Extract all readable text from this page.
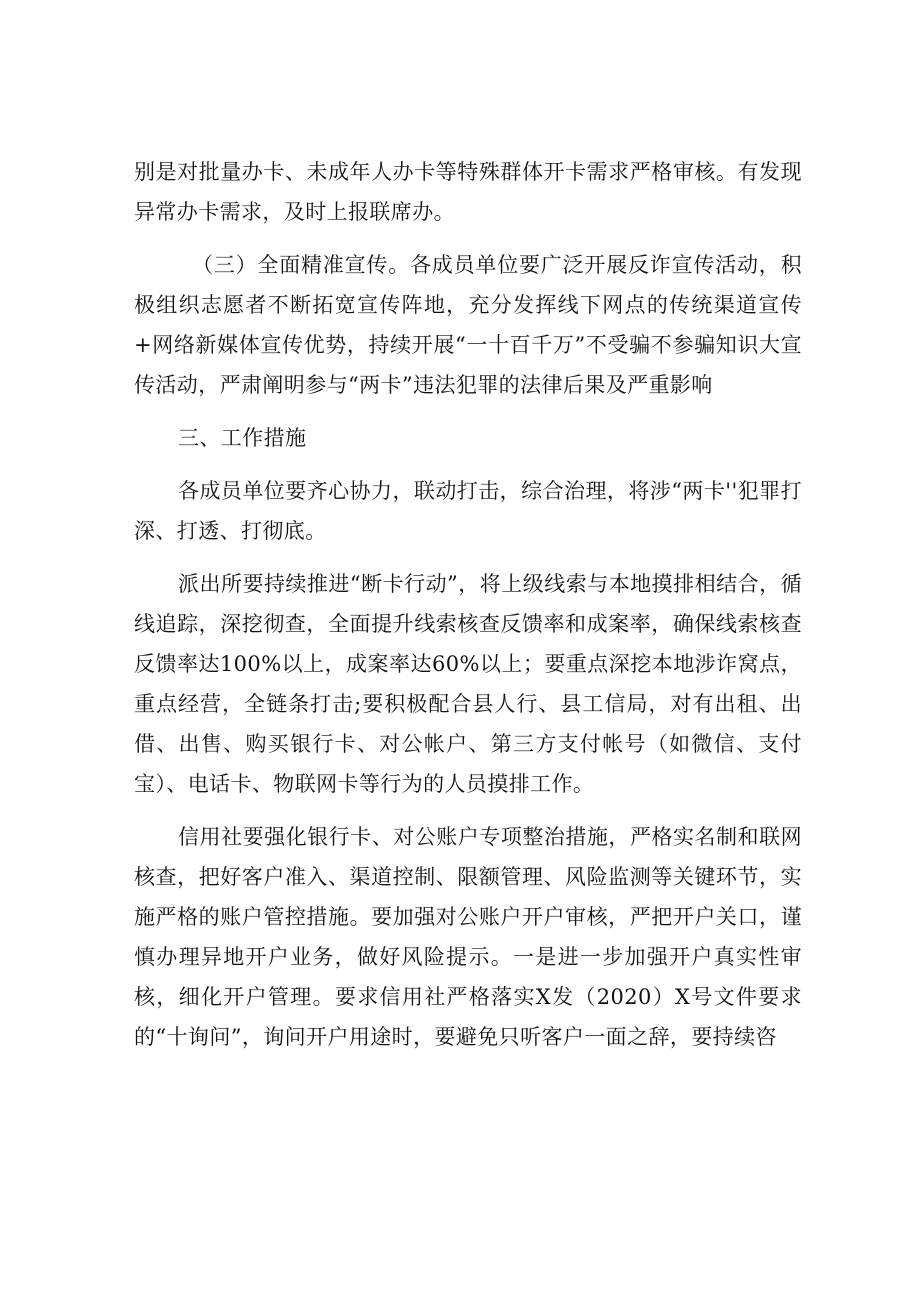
别是对批量办卡、未成年人办卡等特殊群体开卡需求严格审核。有发现异常办卡需求，及时上报联席办。

（三）全面精准宣传。各成员单位要广泛开展反诈宣传活动，积极组织志愿者不断拓宽宣传阵地，充分发挥线下网点的传统渠道宣传+网络新媒体宣传优势，持续开展“一十百千万”不受骗不参骗知识大宣传活动，严肃阐明参与“两卡”违法犯罪的法律后果及严重影响

三、工作措施

各成员单位要齐心协力，联动打击，综合治理，将涉“两卡''犯罪打深、打透、打彻底。

派出所要持续推进“断卡行动”，将上级线索与本地摸排相结合，循线追踪，深挖彻查，全面提升线索核查反馈率和成案率，确保线索核查反馈率达100%以上，成案率达60%以上；要重点深挖本地涉诈窝点，重点经营，全链条打击;要积极配合县人行、县工信局，对有出租、出借、出售、购买银行卡、对公帐户、第三方支付帐号（如微信、支付宝）、电话卡、物联网卡等行为的人员摸排工作。

信用社要强化银行卡、对公账户专项整治措施，严格实名制和联网核查，把好客户准入、渠道控制、限额管理、风险监测等关键环节，实施严格的账户管控措施。要加强对公账户开户审核，严把开户关口，谨慎办理异地开户业务，做好风险提示。一是进一步加强开户真实性审核，细化开户管理。要求信用社严格落实X发（2020）X号文件要求的“十询问”，询问开户用途时，要避免只听客户一面之辞，要持续咨
